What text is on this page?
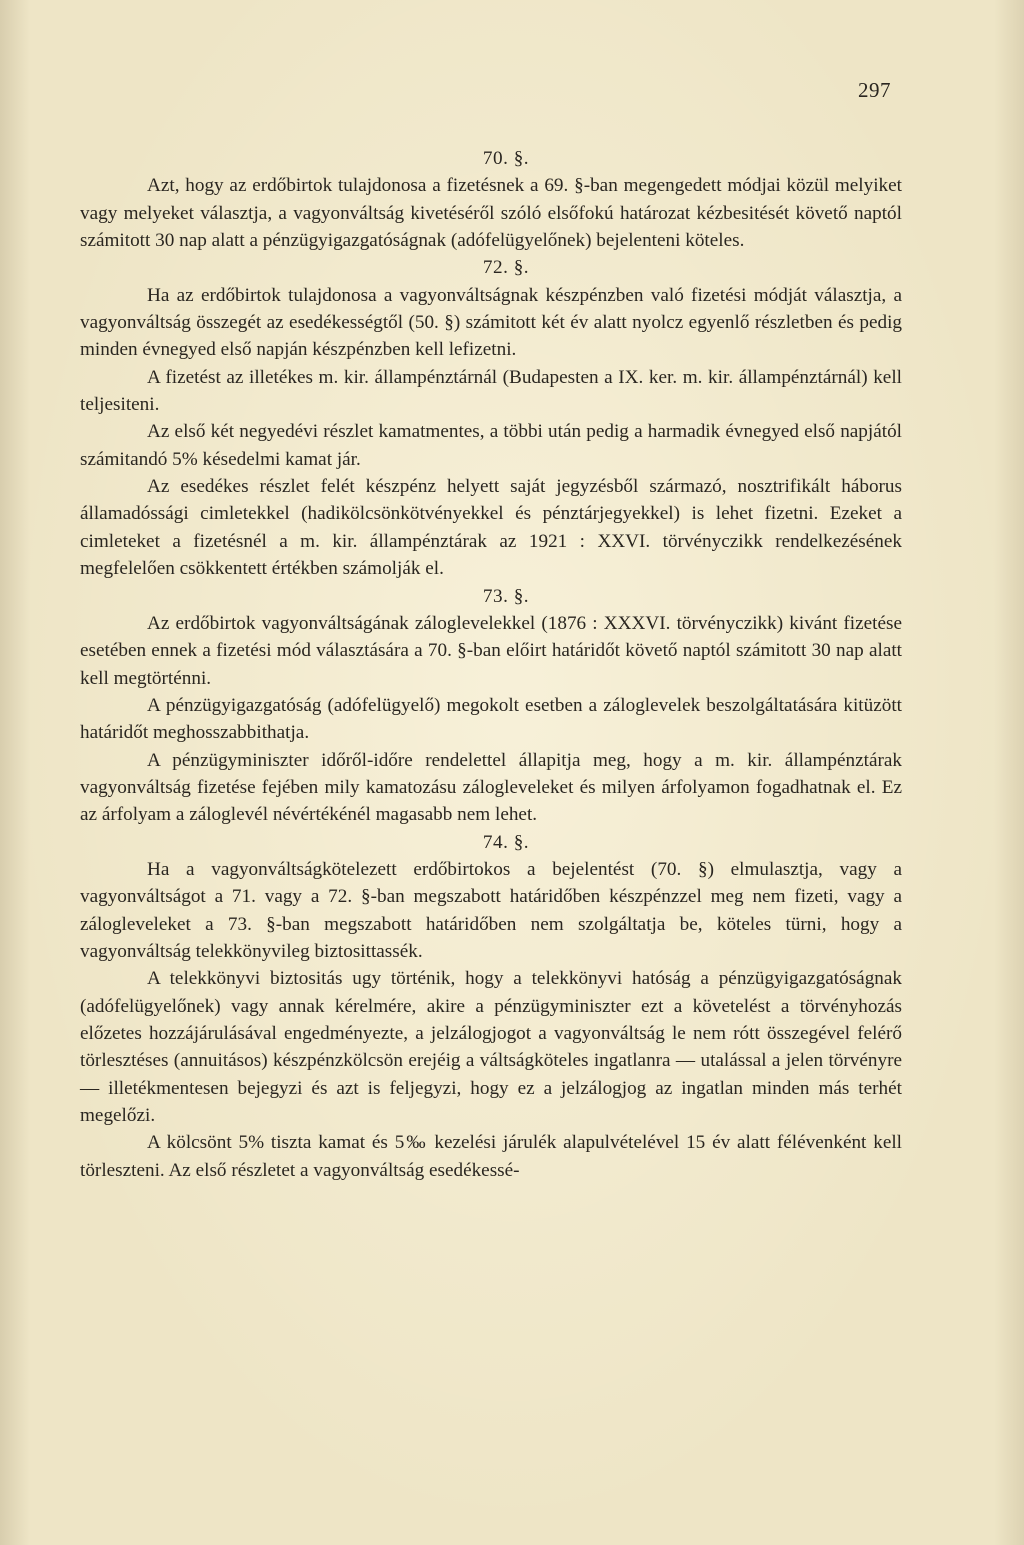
297

70. §.

Azt, hogy az erdőbirtok tulajdonosa a fizetésnek a 69. §-ban megengedett módjai közül melyiket vagy melyeket választja, a vagyonváltság kivetéséről szóló elsőfokú határozat kézbesitését követő naptól számitott 30 nap alatt a pénzügyigazgatóságnak (adófelügyelőnek) bejelenteni köteles.

72. §.

Ha az erdőbirtok tulajdonosa a vagyonváltságnak készpénzben való fizetési módját választja, a vagyonváltság összegét az esedékességtől (50. §) számitott két év alatt nyolcz egyenlő részletben és pedig minden évnegyed első napján készpénzben kell lefizetni.

A fizetést az illetékes m. kir. állampénztárnál (Budapesten a IX. ker. m. kir. állampénztárnál) kell teljesiteni.

Az első két negyedévi részlet kamatmentes, a többi után pedig a harmadik évnegyed első napjától számitandó 5% késedelmi kamat jár.

Az esedékes részlet felét készpénz helyett saját jegyzésből származó, nosztrifikált háborus államadóssági cimletekkel (hadikölcsönkötvényekkel és pénztárjegyekkel) is lehet fizetni. Ezeket a cimleteket a fizetésnél a m. kir. állampénztárak az 1921 : XXVI. törvényczikk rendelkezésének megfelelően csökkentett értékben számolják el.

73. §.

Az erdőbirtok vagyonváltságának záloglevelekkel (1876 : XXXVI. törvényczikk) kivánt fizetése esetében ennek a fizetési mód választására a 70. §-ban előirt határidőt követő naptól számitott 30 nap alatt kell megtörténni.

A pénzügyigazgatóság (adófelügyelő) megokolt esetben a záloglevelek beszolgáltatására kitüzött határidőt meghosszabbithatja.

A pénzügyminiszter időről-időre rendelettel állapitja meg, hogy a m. kir. állampénztárak vagyonváltság fizetése fejében mily kamatozásu zálogleveleket és milyen árfolyamon fogadhatnak el. Ez az árfolyam a záloglevél névértékénél magasabb nem lehet.

74. §.

Ha a vagyonváltságkötelezett erdőbirtokos a bejelentést (70. §) elmulasztja, vagy a vagyonváltságot a 71. vagy a 72. §-ban megszabott határidőben készpénzzel meg nem fizeti, vagy a zálogleveleket a 73. §-ban megszabott határidőben nem szolgáltatja be, köteles türni, hogy a vagyonváltság telekkönyvileg biztosittassék.

A telekkönyvi biztositás ugy történik, hogy a telekkönyvi hatóság a pénzügyigazgatóságnak (adófelügyelőnek) vagy annak kérelmére, akire a pénzügyminiszter ezt a követelést a törvényhozás előzetes hozzájárulásával engedményezte, a jelzálogjogot a vagyonváltság le nem rótt összegével felérő törlesztéses (annuitásos) készpénzkölcsön erejéig a váltságköteles ingatlanra — utalással a jelen törvényre — illetékmentesen bejegyzi és azt is feljegyzi, hogy ez a jelzálogjog az ingatlan minden más terhét megelőzi.

A kölcsönt 5% tiszta kamat és 5‰ kezelési járulék alapulvételével 15 év alatt félévenként kell törleszteni. Az első részletet a vagyonváltság esedékessé-
